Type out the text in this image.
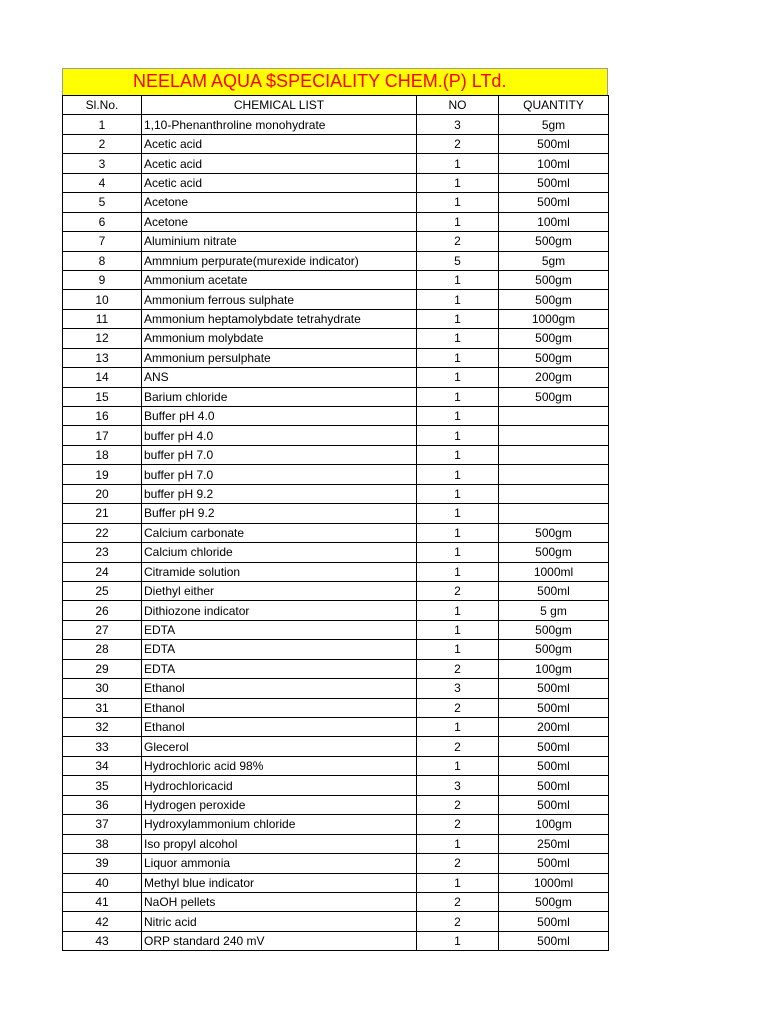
NEELAM AQUA $SPECIALITY CHEM.(P) LTd.
Sl.No.	CHEMICAL LIST	NO	QUANTITY
1	1,10-Phenanthroline monohydrate	3	5gm
2	Acetic acid	2	500ml
3	Acetic acid	1	100ml
4	Acetic acid	1	500ml
5	Acetone	1	500ml
6	Acetone	1	100ml
7	Aluminium nitrate	2	500gm
8	Ammnium perpurate(murexide indicator)	5	5gm
9	Ammonium acetate	1	500gm
10	Ammonium ferrous sulphate	1	500gm
11	Ammonium heptamolybdate tetrahydrate	1	1000gm
12	Ammonium molybdate	1	500gm
13	Ammonium persulphate	1	500gm
14	ANS	1	200gm
15	Barium chloride	1	500gm
16	Buffer pH 4.0	1	
17	buffer pH 4.0	1	
18	buffer pH 7.0	1	
19	buffer pH 7.0	1	
20	buffer pH 9.2	1	
21	Buffer pH 9.2	1	
22	Calcium carbonate	1	500gm
23	Calcium chloride	1	500gm
24	Citramide solution	1	1000ml
25	Diethyl either	2	500ml
26	Dithiozone indicator	1	5 gm
27	EDTA	1	500gm
28	EDTA	1	500gm
29	EDTA	2	100gm
30	Ethanol	3	500ml
31	Ethanol	2	500ml
32	Ethanol	1	200ml
33	Glecerol	2	500ml
34	Hydrochloric acid 98%	1	500ml
35	Hydrochloricacid	3	500ml
36	Hydrogen peroxide	2	500ml
37	Hydroxylammonium chloride	2	100gm
38	Iso propyl alcohol	1	250ml
39	Liquor ammonia	2	500ml
40	Methyl blue indicator	1	1000ml
41	NaOH pellets	2	500gm
42	Nitric acid	2	500ml
43	ORP standard 240 mV	1	500ml
